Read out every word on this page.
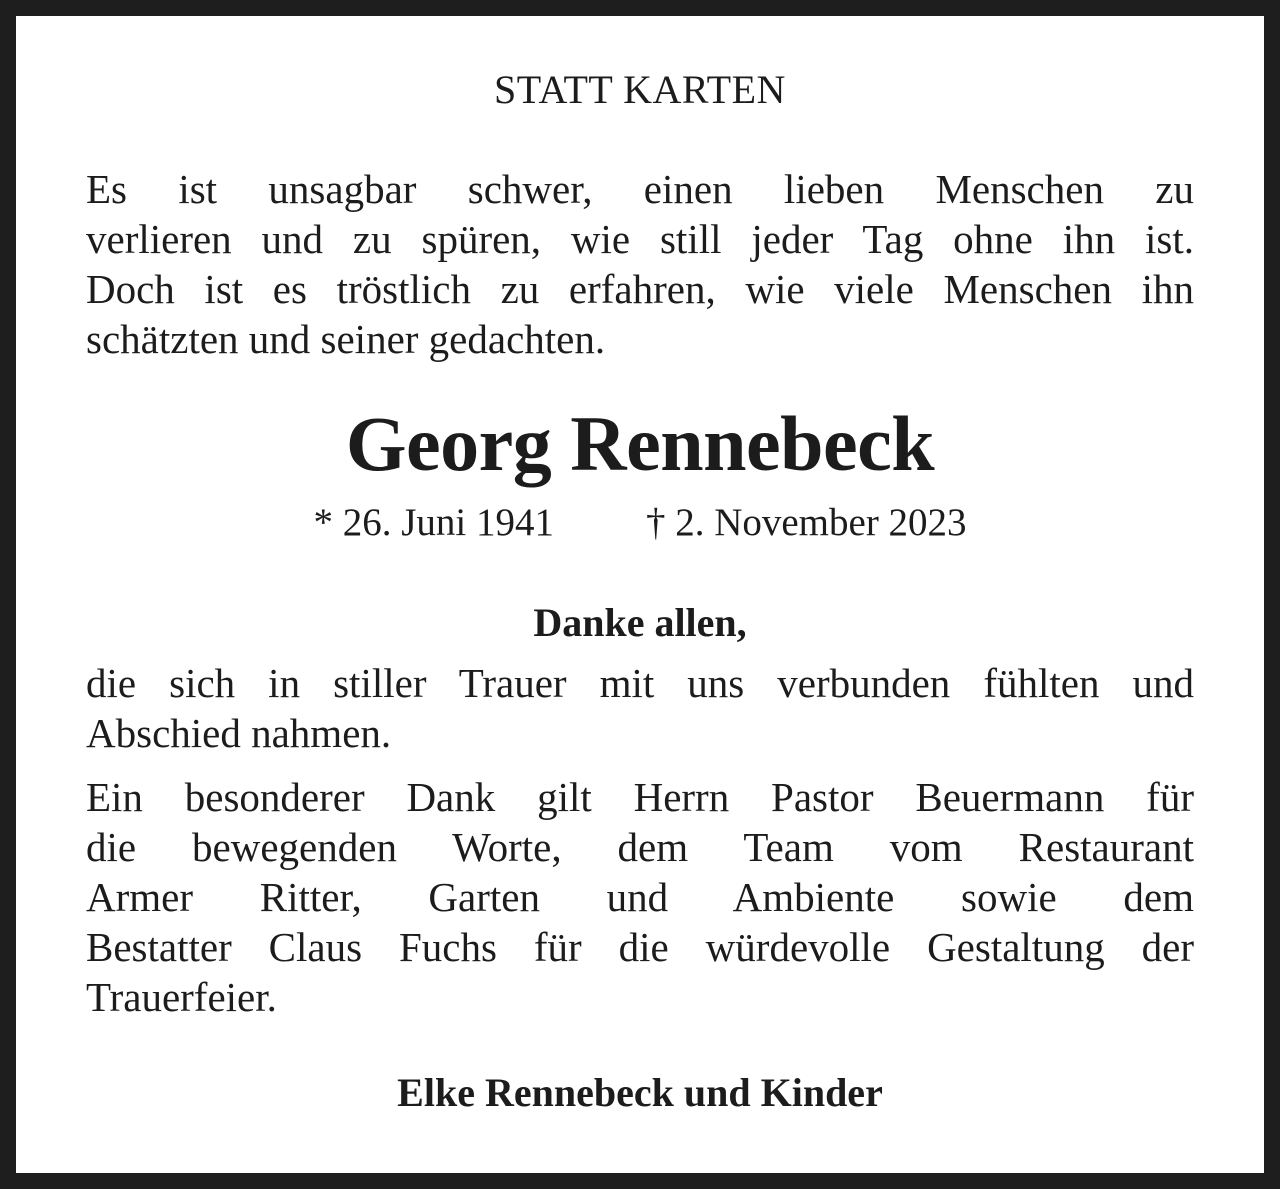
STATT KARTEN

Es ist unsagbar schwer, einen lieben Menschen zu

verlieren und zu spüren, wie still jeder Tag ohne ihn ist.

Doch ist es tröstlich zu erfahren, wie viele Menschen ihn

schätzten und seiner gedachten.

Georg Rennebeck

* 26. Juni 1941 † 2. November 2023

Danke allen,

die sich in stiller Trauer mit uns verbunden fühlten und

Abschied nahmen.

Ein besonderer Dank gilt Herrn Pastor Beuermann für

die bewegenden Worte, dem Team vom Restaurant

Armer Ritter, Garten und Ambiente sowie dem

Bestatter Claus Fuchs für die würdevolle Gestaltung der

Trauerfeier.

Elke Rennebeck und Kinder
